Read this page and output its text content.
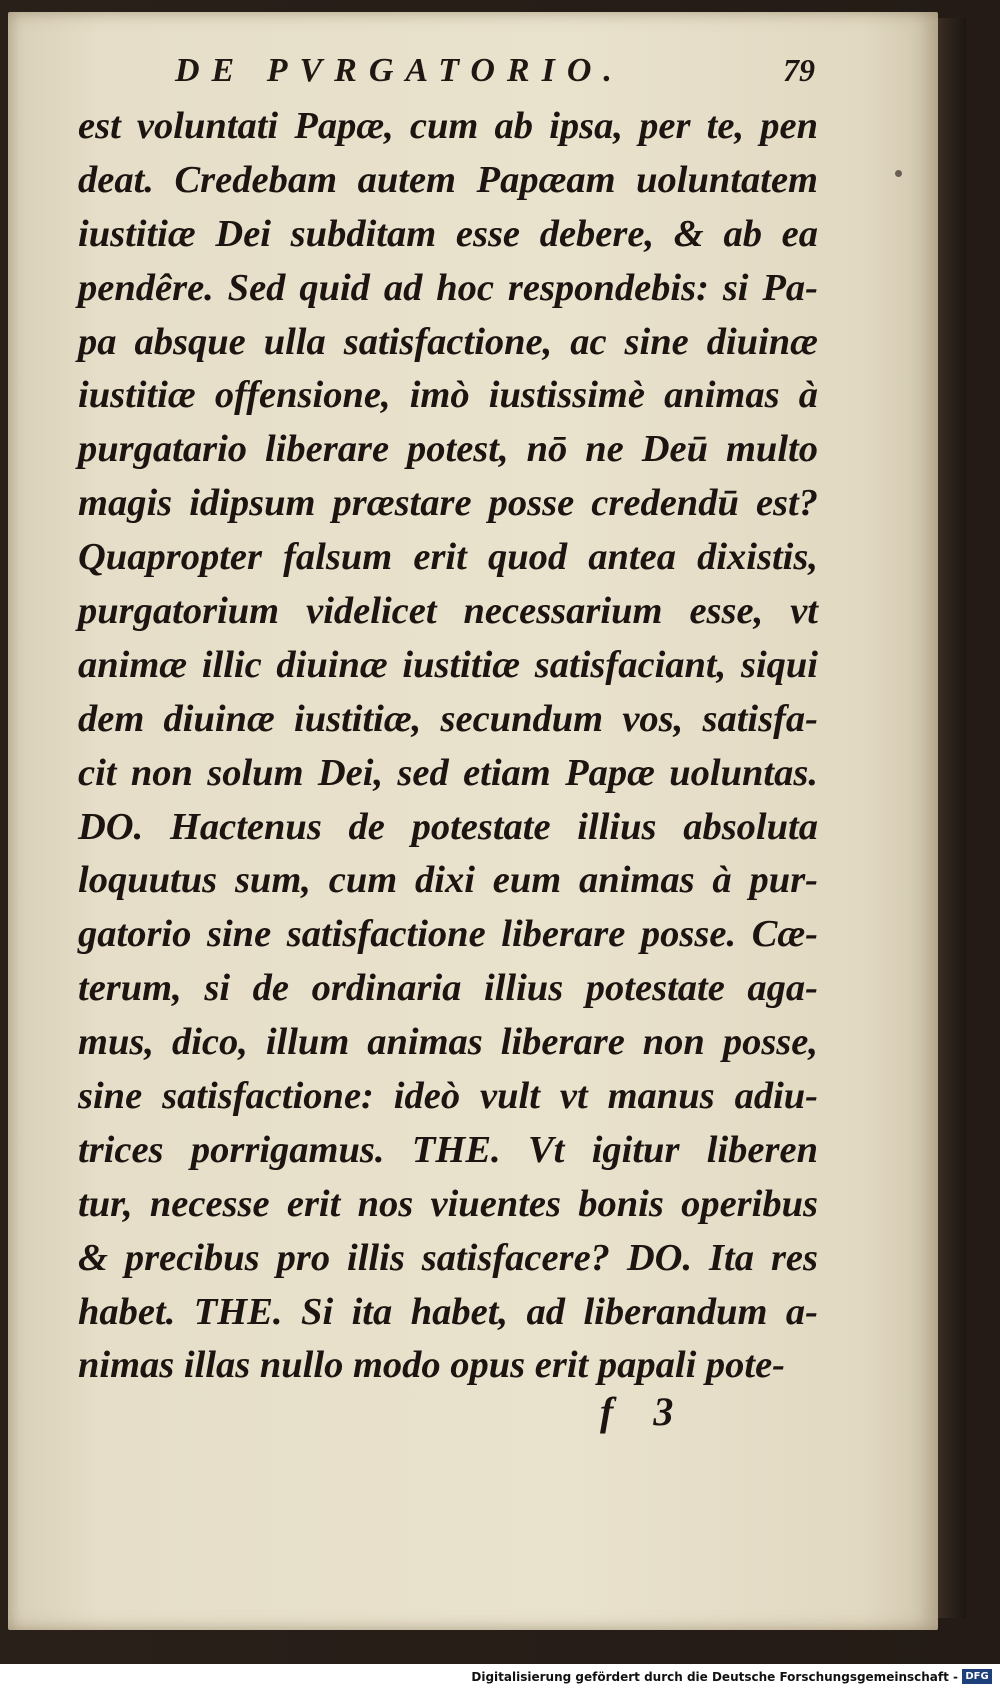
DE PVRGATORIO.	79
est voluntati Papæ, cum ab ipsa, per te, pen
deat. Credebam autem Papæam uoluntatem
iustitiæ Dei subditam esse debere, & ab ea
pendêre. Sed quid ad hoc respondebis: si Pa-
pa absque ulla satisfactione, ac sine diuinæ
iustitiæ offensione, imò iustissimè animas à
purgatario liberare potest, nō ne Deū multo
magis idipsum præstare posse credendū est?
Quapropter falsum erit quod antea dixistis,
purgatorium videlicet necessarium esse, vt
animæ illic diuinæ iustitiæ satisfaciant, siqui
dem diuinæ iustitiæ, secundum vos, satisfa-
cit non solum Dei, sed etiam Papæ uoluntas.
DO. Hactenus de potestate illius absoluta
loquutus sum, cum dixi eum animas à pur-
gatorio sine satisfactione liberare posse. Cæ-
terum, si de ordinaria illius potestate aga-
mus, dico, illum animas liberare non posse,
sine satisfactione: ideò vult vt manus adiu-
trices porrigamus. THE. Vt igitur liberen
tur, necesse erit nos viuentes bonis operibus
& precibus pro illis satisfacere? DO. Ita res
habet. THE. Si ita habet, ad liberandum a-
nimas illas nullo modo opus erit papali pote-
f 3
Digitalisierung gefördert durch die Deutsche Forschungsgemeinschaft - DFG
